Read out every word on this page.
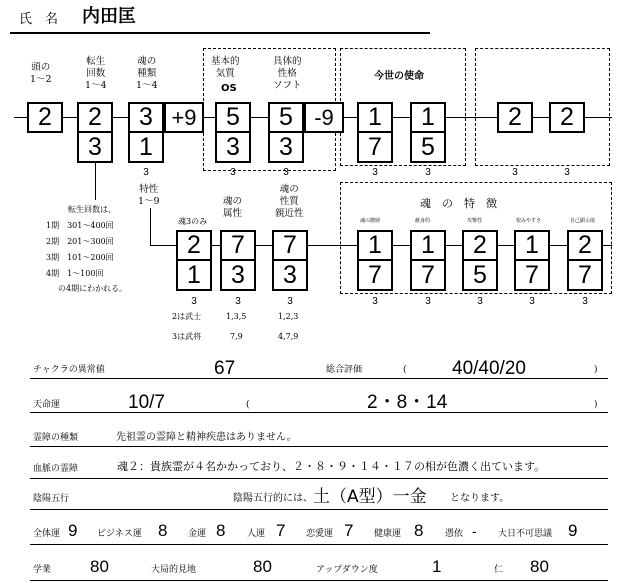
氏　名 内田匡
頭の
1〜2
転生
回数
1〜4
魂の
種類
1〜4
基本的
気質
OS
具体的
性格
ソフト
2	2
3
3
1
+9	5
3
5
3
-9
今世の使命
1
7
1
5
2	2
3	3	3	3	3	3
3
特性
1〜9
転生回数は、
1期　301〜400回
2期　201〜300回
3期　101〜200回
4期　1〜100回
の4期にわかれる。
魂3のみ
魂の
属性
魂の
性質
親近性
2
1
7
3
7
3
3	3	3
2は武士
3は武将
1,3,5
7,9
1,2,3
4,7,9
魂　の　特　徴
魂の階層
1
7
3
献身的
1
7
3
攻撃性
2
5
3
恨みやすさ
1
7
3
自己顕示欲
2
7
3
チャクラの異常値	67	総合評価	( 40/40/20	)
天命運	10/7	(	2・8・14	)
霊障の種類	先祖霊の霊障と精神疾患はありません。
血脈の霊障	魂２：貴族霊が４名かかっており、２・８・９・１４・１７の相が色濃く出ています。
陰陽五行	陰陽五行的には、 土（A型）一金 となります。
全体運 9 ビジネス運 8 金運 8 人運 7 恋愛運 7 健康運 8 憑依 - 大日不可思議 9
学業 80	大局的見地	80	アップダウン度	1	仁 80
